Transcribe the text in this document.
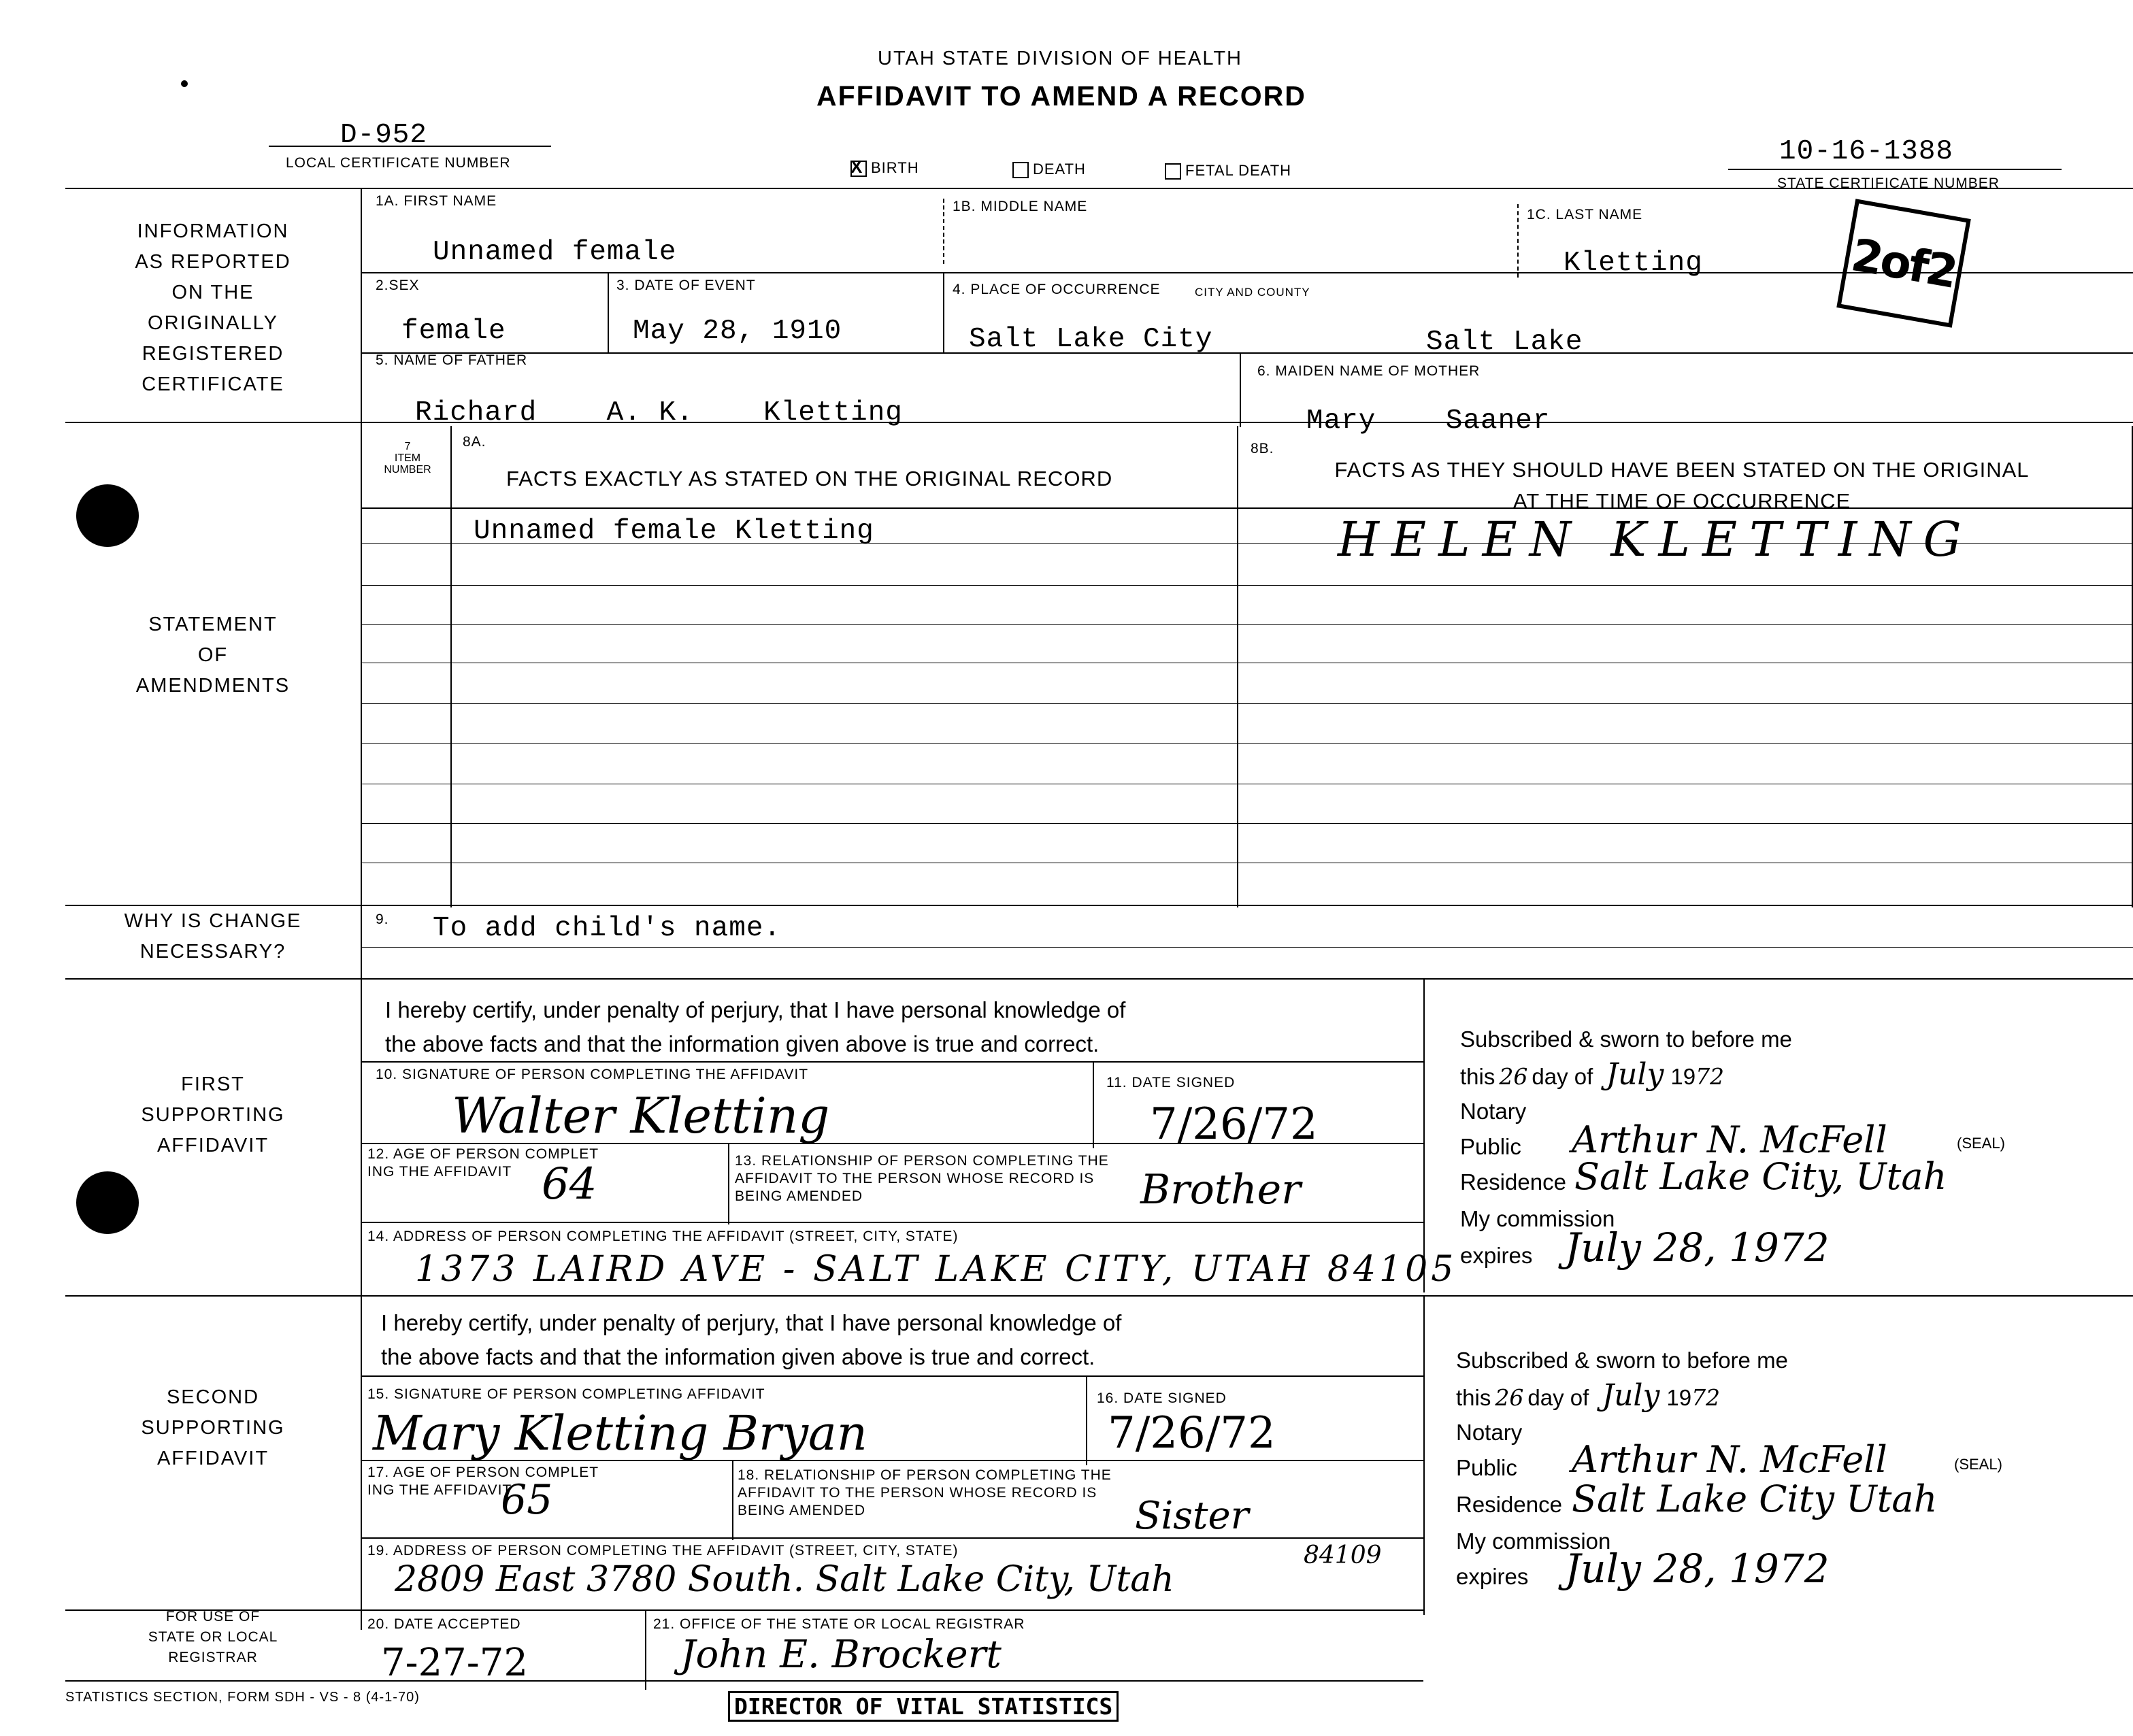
UTAH STATE DIVISION OF HEALTH
AFFIDAVIT TO AMEND A RECORD
D-952
LOCAL CERTIFICATE NUMBER	X BIRTH	DEATH	FETAL DEATH
10-16-1388
STATE CERTIFICATE NUMBER
2of2
INFORMATION
AS REPORTED
ON THE
ORIGINALLY
REGISTERED
CERTIFICATE
STATEMENT
OF
AMENDMENTS
WHY IS CHANGE
NECESSARY?
FIRST
SUPPORTING
AFFIDAVIT
SECOND
SUPPORTING
AFFIDAVIT
FOR USE OF
STATE OR LOCAL
REGISTRAR
1A. FIRST NAME
Unnamed female
1B. MIDDLE NAME
1C. LAST NAME
Kletting
2.SEX
female
3. DATE OF EVENT
May 28, 1910
4. PLACE OF OCCURRENCE	CITY AND COUNTY
Salt Lake City	Salt Lake
5. NAME OF FATHER
Richard    A. K.    Kletting
6. MAIDEN NAME OF MOTHER
Mary    Saaner
7
ITEM
NUMBER
8A.
FACTS EXACTLY AS STATED ON THE ORIGINAL RECORD
8B.
FACTS AS THEY SHOULD HAVE BEEN STATED ON THE ORIGINAL
AT THE TIME OF OCCURRENCE
Unnamed female Kletting	HELEN KLETTING
9. To add child's name.
I hereby certify, under penalty of perjury, that I have personal knowledge of
the above facts and that the information given above is true and correct.
10. SIGNATURE OF PERSON COMPLETING THE AFFIDAVIT
Walter Kletting
11. DATE SIGNED
7/26/72
12. AGE OF PERSON COMPLET
ING THE AFFIDAVIT 64	13. RELATIONSHIP OF PERSON COMPLETING THE
AFFIDAVIT TO THE PERSON WHOSE RECORD IS
BEING AMENDED	Brother
14. ADDRESS OF PERSON COMPLETING THE AFFIDAVIT (STREET, CITY, STATE)
1373 LAIRD AVE - SALT LAKE CITY, UTAH 84105
Subscribed & sworn to before me
this 26 day of July 1972
Notary
Public Arthur N. McFell	(SEAL)
Residence Salt Lake City, Utah
My commission
expires July 28, 1972
I hereby certify, under penalty of perjury, that I have personal knowledge of
the above facts and that the information given above is true and correct.
15. SIGNATURE OF PERSON COMPLETING AFFIDAVIT
Mary Kletting Bryan
16. DATE SIGNED
7/26/72
17. AGE OF PERSON COMPLET
ING THE AFFIDAVIT
65
18. RELATIONSHIP OF PERSON COMPLETING THE
AFFIDAVIT TO THE PERSON WHOSE RECORD IS
BEING AMENDED	Sister
19. ADDRESS OF PERSON COMPLETING THE AFFIDAVIT (STREET, CITY, STATE)
2809 East 3780 South. Salt Lake City, Utah
84109
Subscribed & sworn to before me
this 26 day of July 1972
Notary
Public Arthur N. McFell	(SEAL)
Residence Salt Lake City Utah
My commission
expires July 28, 1972
20. DATE ACCEPTED
7-27-72
21. OFFICE OF THE STATE OR LOCAL REGISTRAR
John E. Brockert
DIRECTOR OF VITAL STATISTICS
STATISTICS SECTION, FORM SDH - VS - 8 (4-1-70)
